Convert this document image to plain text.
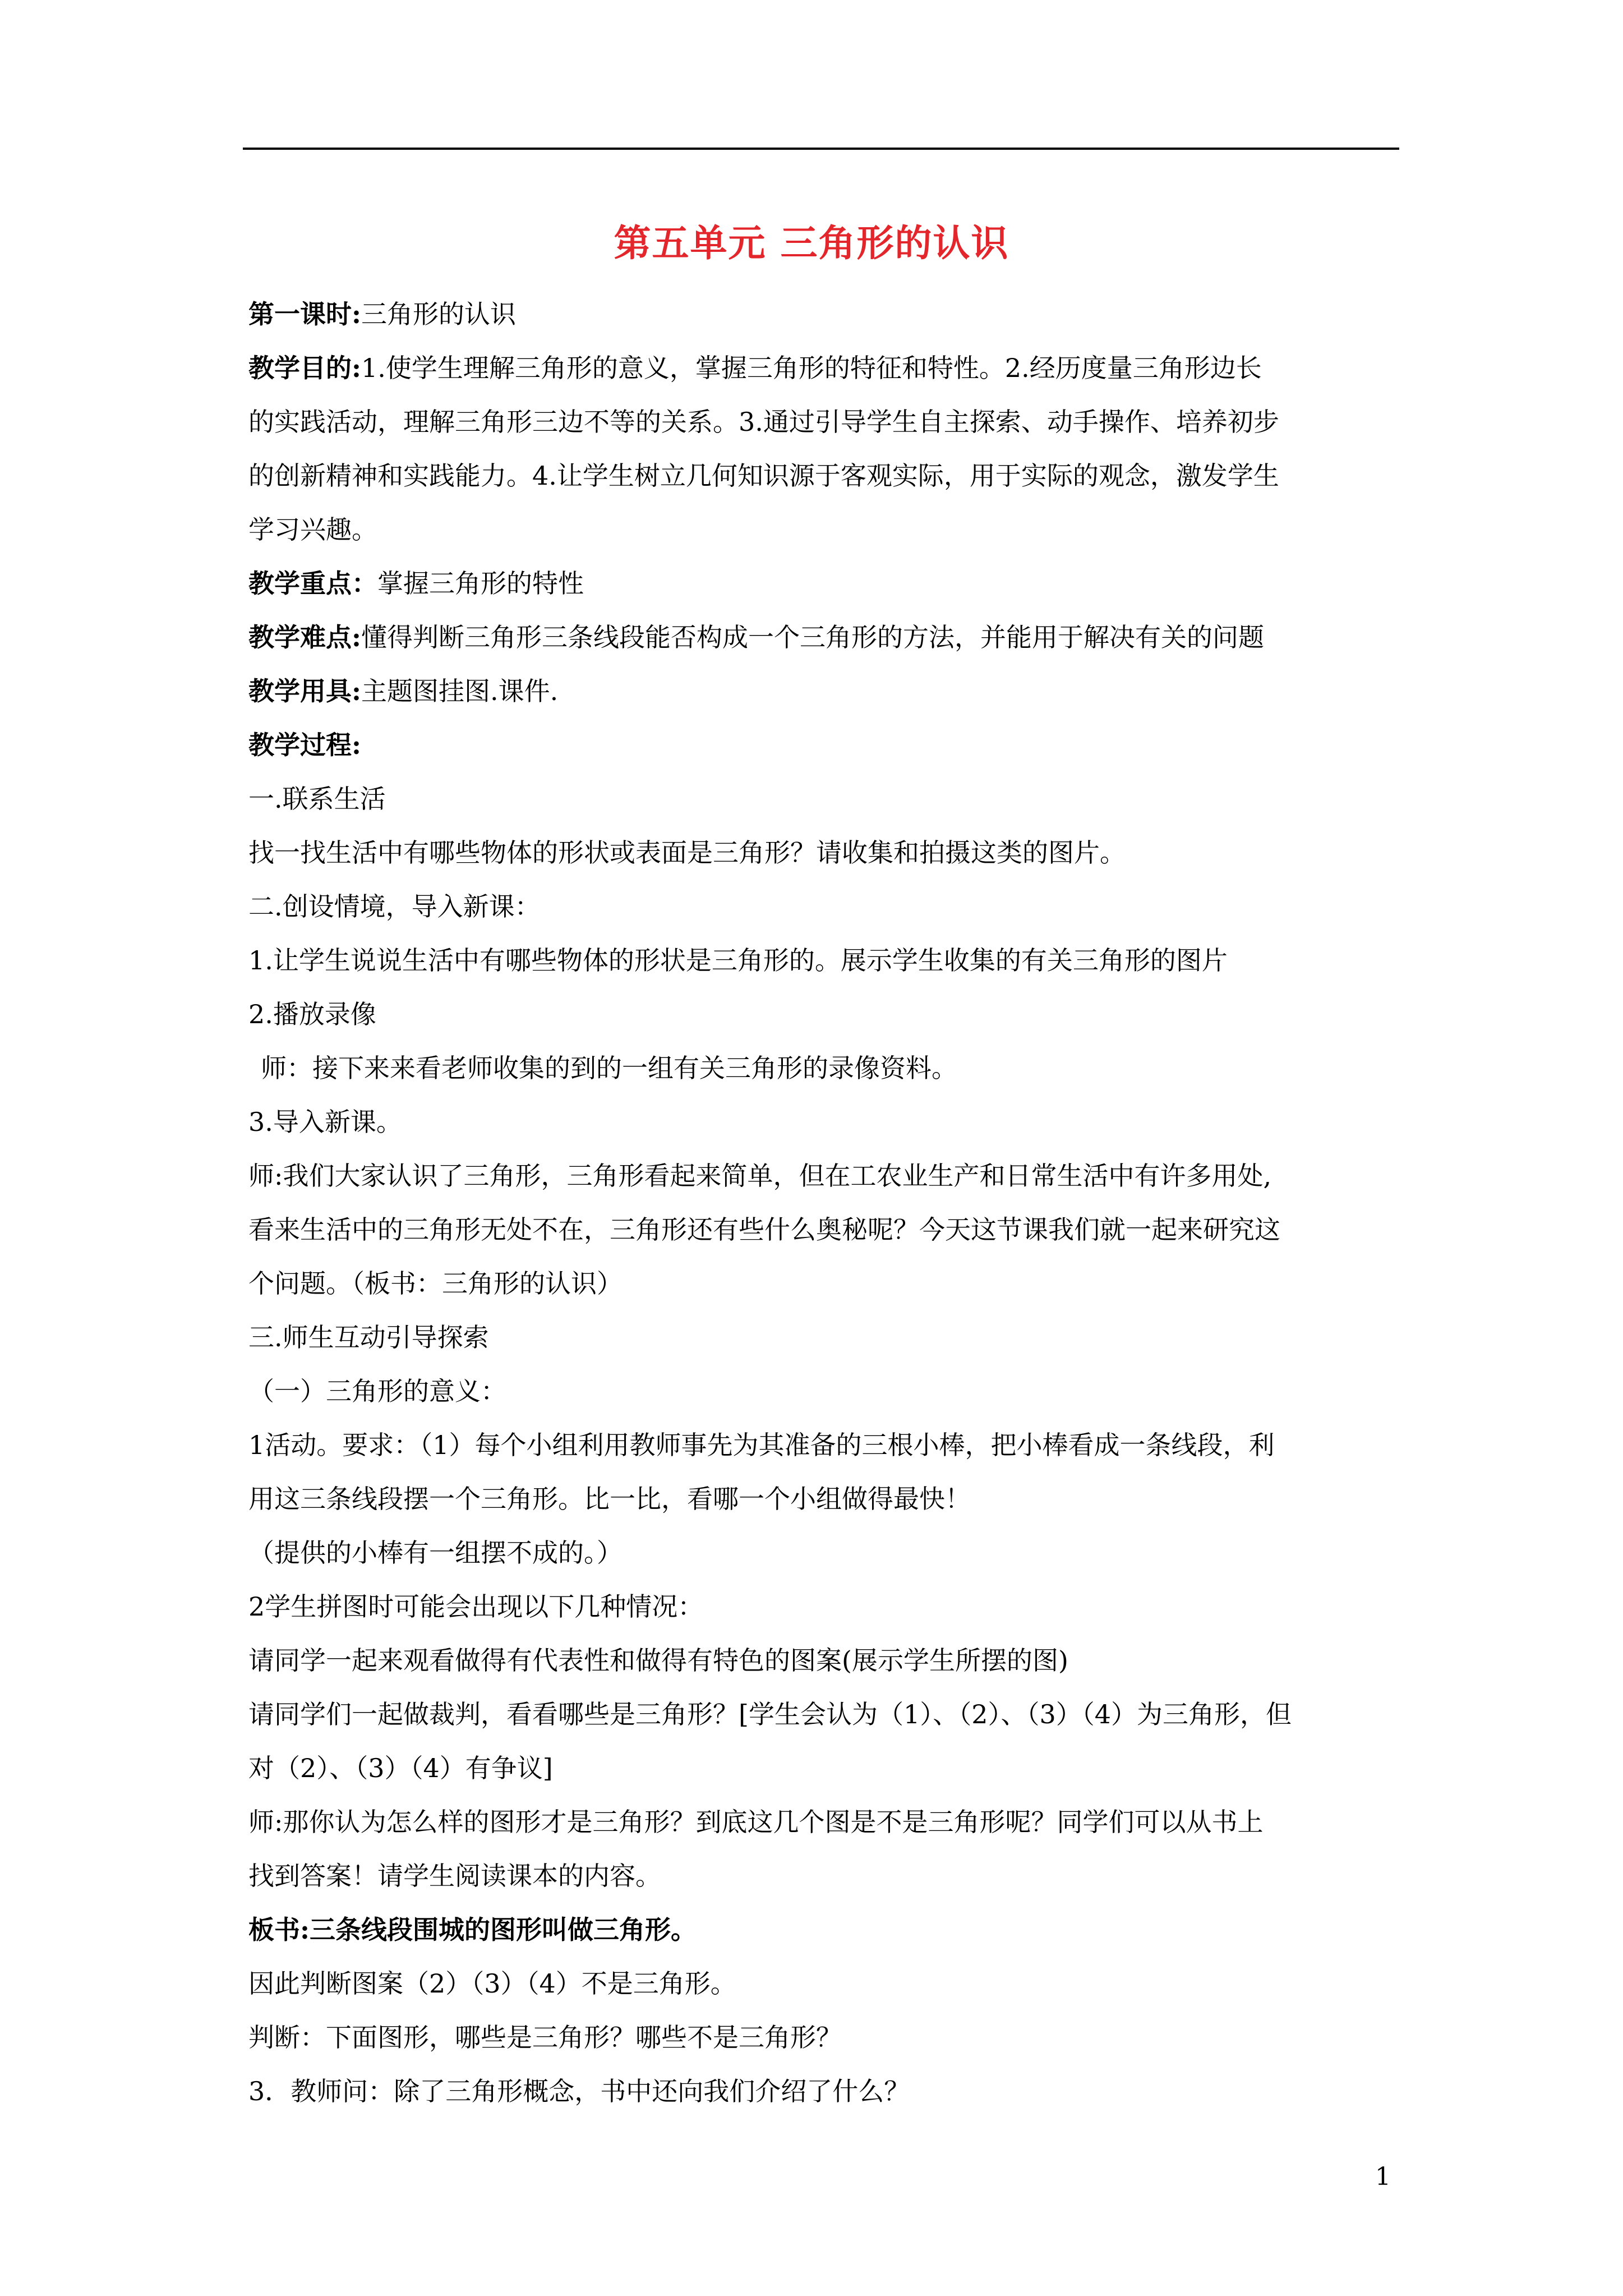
第五单元 三角形的认识
第一课时:三角形的认识
教学目的:1.使学生理解三角形的意义，掌握三角形的特征和特性。2.经历度量三角形边长
的实践活动，理解三角形三边不等的关系。3.通过引导学生自主探索、动手操作、培养初步
的创新精神和实践能力。4.让学生树立几何知识源于客观实际，用于实际的观念，激发学生
学习兴趣。
教学重点：掌握三角形的特性
教学难点:懂得判断三角形三条线段能否构成一个三角形的方法，并能用于解决有关的问题
教学用具:主题图挂图.课件.
教学过程:
一.联系生活
找一找生活中有哪些物体的形状或表面是三角形？请收集和拍摄这类的图片。
二.创设情境，导入新课：
1.让学生说说生活中有哪些物体的形状是三角形的。展示学生收集的有关三角形的图片
2.播放录像
师：接下来来看老师收集的到的一组有关三角形的录像资料。
3.导入新课。
师:我们大家认识了三角形，三角形看起来简单，但在工农业生产和日常生活中有许多用处,
看来生活中的三角形无处不在，三角形还有些什么奥秘呢？今天这节课我们就一起来研究这
个问题。（板书：三角形的认识）
三.师生互动引导探索
（一）三角形的意义：
1活动。要求：（1）每个小组利用教师事先为其准备的三根小棒，把小棒看成一条线段，利
用这三条线段摆一个三角形。比一比，看哪一个小组做得最快！
（提供的小棒有一组摆不成的。）
2学生拼图时可能会出现以下几种情况：
请同学一起来观看做得有代表性和做得有特色的图案(展示学生所摆的图)
请同学们一起做裁判，看看哪些是三角形？[学生会认为（1）、（2）、（3）（4）为三角形，但
对（2）、（3）（4）有争议]
师:那你认为怎么样的图形才是三角形？到底这几个图是不是三角形呢？同学们可以从书上
找到答案！请学生阅读课本的内容。
板书:三条线段围城的图形叫做三角形。
因此判断图案（2）（3）（4）不是三角形。
判断：下面图形，哪些是三角形？哪些不是三角形？
3．教师问：除了三角形概念，书中还向我们介绍了什么？
1
